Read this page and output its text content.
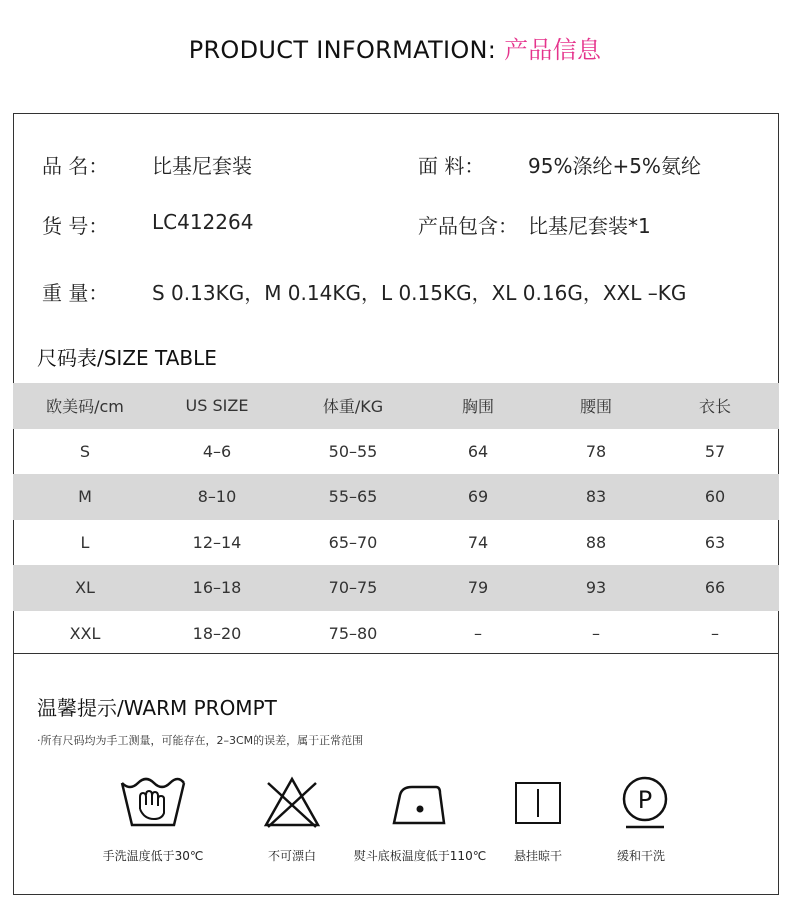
PRODUCT INFORMATION: 产品信息
品 名： 比基尼套装	面 料： 95%涤纶+5%氨纶
货 号： LC412264	产品包含： 比基尼套装*1
重 量： S 0.13KG，M 0.14KG，L 0.15KG，XL 0.16G，XXL –KG
尺码表/SIZE TABLE
欧美码/cm	US SIZE	体重/KG	胸围	腰围	衣长
S	4–6	50–55	64	78	57
M	8–10	55–65	69	83	60
L	12–14	65–70	74	88	63
XL	16–18	70–75	79	93	66
XXL	18–20	75–80	–	–	–
温馨提示/WARM PROMPT
·所有尺码均为手工测量，可能存在，2–3CM的误差，属于正常范围
手洗温度低于30℃	不可漂白	熨斗底板温度低于110℃	悬挂晾干
P
缓和干洗
